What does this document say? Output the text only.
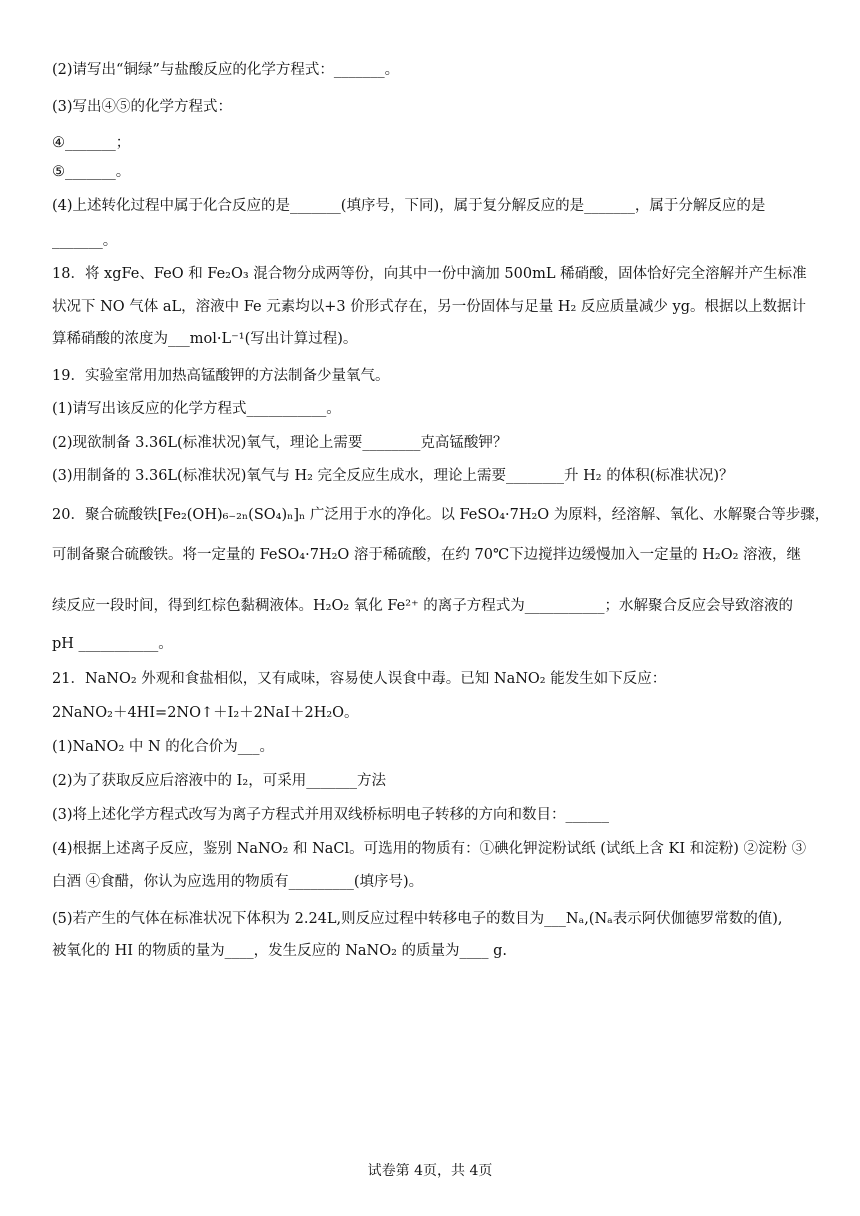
(2)请写出“铜绿”与盐酸反应的化学方程式：_______。
(3)写出④⑤的化学方程式：
④_______；
⑤_______。
(4)上述转化过程中属于化合反应的是_______(填序号，下同)，属于复分解反应的是_______，属于分解反应的是
_______。
18．将 xgFe、FeO 和 Fe₂O₃ 混合物分成两等份，向其中一份中滴加 500mL 稀硝酸，固体恰好完全溶解并产生标准
状况下 NO 气体 aL，溶液中 Fe 元素均以+3 价形式存在，另一份固体与足量 H₂ 反应质量减少 yg。根据以上数据计
算稀硝酸的浓度为___mol·L⁻¹(写出计算过程)。
19．实验室常用加热高锰酸钾的方法制备少量氧气。
(1)请写出该反应的化学方程式___________。
(2)现欲制备 3.36L(标准状况)氧气，理论上需要________克高锰酸钾？
(3)用制备的 3.36L(标准状况)氧气与 H₂ 完全反应生成水，理论上需要________升 H₂ 的体积(标准状况)？
20．聚合硫酸铁[Fe₂(OH)₆₋₂ₙ(SO₄)ₙ]ₙ 广泛用于水的净化。以 FeSO₄·7H₂O 为原料，经溶解、氧化、水解聚合等步骤，
可制备聚合硫酸铁。将一定量的 FeSO₄·7H₂O 溶于稀硫酸，在约 70℃下边搅拌边缓慢加入一定量的 H₂O₂ 溶液，继
续反应一段时间，得到红棕色黏稠液体。H₂O₂ 氧化 Fe²⁺ 的离子方程式为___________；水解聚合反应会导致溶液的
pH ___________。
21．NaNO₂ 外观和食盐相似，又有咸味，容易使人误食中毒。已知 NaNO₂ 能发生如下反应：
2NaNO₂＋4HI=2NO↑＋I₂＋2NaI＋2H₂O。
(1)NaNO₂ 中 N 的化合价为___。
(2)为了获取反应后溶液中的 I₂，可采用_______方法
(3)将上述化学方程式改写为离子方程式并用双线桥标明电子转移的方向和数目：______
(4)根据上述离子反应，鉴别 NaNO₂ 和 NaCl。可选用的物质有：①碘化钾淀粉试纸 (试纸上含 KI 和淀粉) ②淀粉 ③
白酒 ④食醋，你认为应选用的物质有_________(填序号)。
(5)若产生的气体在标准状况下体积为 2.24L,则反应过程中转移电子的数目为___Nₐ,(Nₐ表示阿伏伽德罗常数的值),
被氧化的 HI 的物质的量为____，发生反应的 NaNO₂ 的质量为____ g.
试卷第 4页，共 4页
